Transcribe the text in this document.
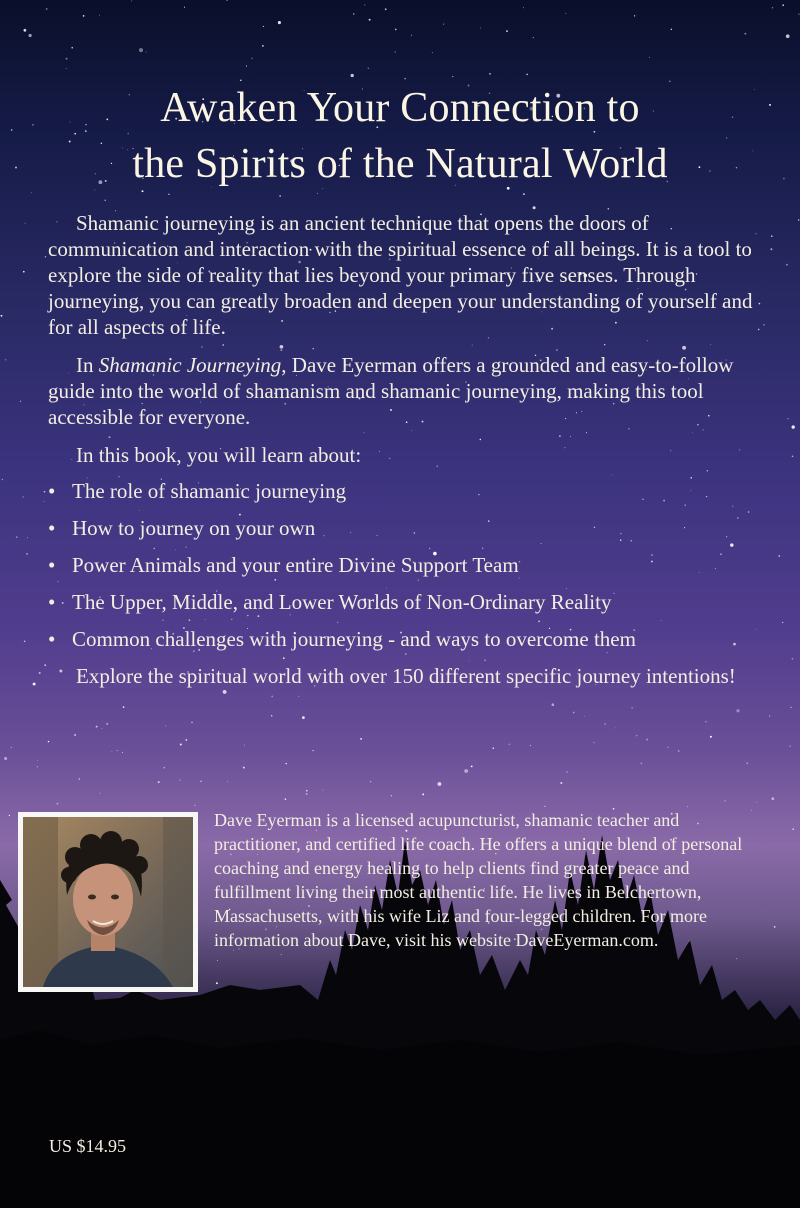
Awaken Your Connection to
the Spirits of the Natural World

Shamanic journeying is an ancient technique that opens the doors of communication and interaction with the spiritual essence of all beings. It is a tool to explore the side of reality that lies beyond your primary five senses. Through journeying, you can greatly broaden and deepen your understanding of yourself and for all aspects of life.

In Shamanic Journeying, Dave Eyerman offers a grounded and easy-to-follow guide into the world of shamanism and shamanic journeying, making this tool accessible for everyone.

In this book, you will learn about:

• The role of shamanic journeying
• How to journey on your own
• Power Animals and your entire Divine Support Team
• The Upper, Middle, and Lower Worlds of Non-Ordinary Reality
• Common challenges with journeying - and ways to overcome them

Explore the spiritual world with over 150 different specific journey intentions!

Dave Eyerman is a licensed acupuncturist, shamanic teacher and practitioner, and certified life coach. He offers a unique blend of personal coaching and energy healing to help clients find greater peace and fulfillment living their most authentic life. He lives in Belchertown, Massachusetts, with his wife Liz and four-legged children. For more information about Dave, visit his website DaveEyerman.com.
US $14.95
